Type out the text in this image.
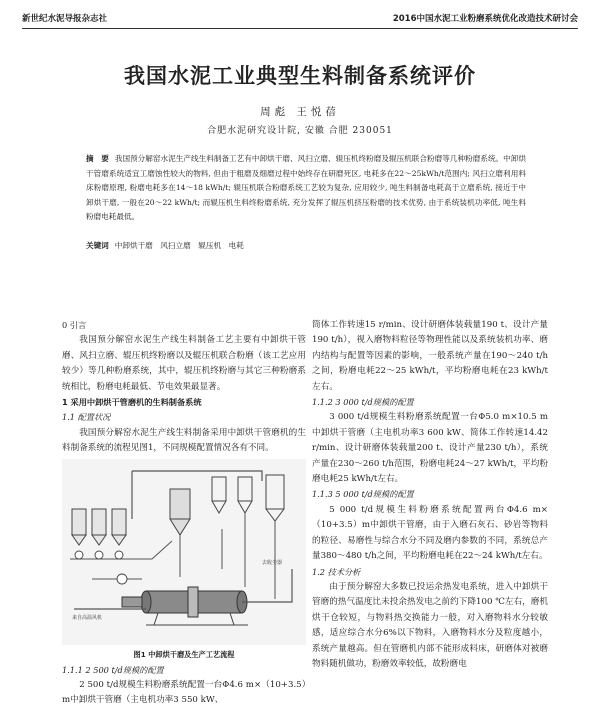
新世纪水泥导报杂志社	2016中国水泥工业粉磨系统优化改造技术研讨会
我国水泥工业典型生料制备系统评价
周彪 王悦蓓
合肥水泥研究设计院, 安徽 合肥 230051
摘　要 我国预分解窑水泥生产线生料制备工艺有中卸烘干磨、风扫立磨、辊压机终粉磨及辊压机联合粉磨等几种粉磨系统。中卸烘干管磨系统适宜工磨蚀性较大的物料, 但由于粗磨及细磨过程中始终存在研磨死区, 电耗多在22～25kWh/t范围内; 风扫立磨利用料床粉磨原理, 粉磨电耗多在14～18 kWh/t; 辊压机联合粉磨系统工艺较为复杂, 应用较少, 吨生料制备电耗高于立磨系统, 接近于中卸烘干磨, 一般在20～22 kWh/t; 而辊压机生料终粉磨系统, 充分发挥了辊压机挤压粉磨的技术优势, 由于系统装机功率低, 吨生料粉磨电耗最低。
关键词 中卸烘干磨　风扫立磨　辊压机　电耗

0 引言

我国预分解窑水泥生产线生料制备工艺主要有中卸烘干管磨、风扫立磨、辊压机终粉磨以及辊压机联合粉磨（该工艺应用较少）等几种粉磨系统，其中，辊压机终粉磨与其它三种粉磨系统相比，粉磨电耗最低、节电效果最显著。

1 采用中卸烘干管磨机的生料制备系统

1.1 配置状况

我国预分解窑水泥生产线生料制备采用中卸烘干管磨机的生料制备系统的流程见图1，不同规模配置情况各有不同。

来自高温风机
去收尘器
图1 中卸烘干磨及生产工艺流程

1.1.1 2 500 t/d规模的配置

2 500 t/d规模生料粉磨系统配置一台Φ4.6 m×（10+3.5）m中卸烘干管磨（主电机功率3 550 kW、

筒体工作转速15 r/min、设计研磨体装载量190 t、设计产量190 t/h），视入磨物料粒径等物理性能以及系统装机功率、磨内结构与配置等因素的影响，一般系统产量在190～240 t/h之间，粉磨电耗22～25 kWh/t，平均粉磨电耗在23 kWh/t左右。

1.1.2 3 000 t/d规模的配置

3 000 t/d规模生料粉磨系统配置一台Φ5.0 m×10.5 m中卸烘干管磨（主电机功率3 600 kW、简体工作转速14.42 r/min、设计研磨体装载量200 t、设计产量230 t/h），系统产量在230～260 t/h范围，粉磨电耗24～27 kWh/t，平均粉磨电耗25 kWh/t左右。

1.1.3 5 000 t/d规模的配置

5 000 t/d规模生料粉磨系统配置两台Φ4.6 m×（10+3.5）m中卸烘干管磨，由于入磨石灰石、砂岩等物料的粒径、易磨性与综合水分不同及磨内参数的不同，系统总产量380～480 t/h之间，平均粉磨电耗在22～24 kWh/t左右。

1.2 技术分析

由于预分解窑大多数已投运余热发电系统，进入中卸烘干管磨的热气温度比未投余热发电之前约下降100 ℃左右，磨机烘干仓较短，与物料热交换能力一般，对入磨物料水分较敏感，适应综合水分6%以下物料，入磨物料水分及粒度越小，系统产量越高。但在管磨机内部不能形成料床，研磨体对被磨物料随机做功，粉磨效率较低，故粉磨电
